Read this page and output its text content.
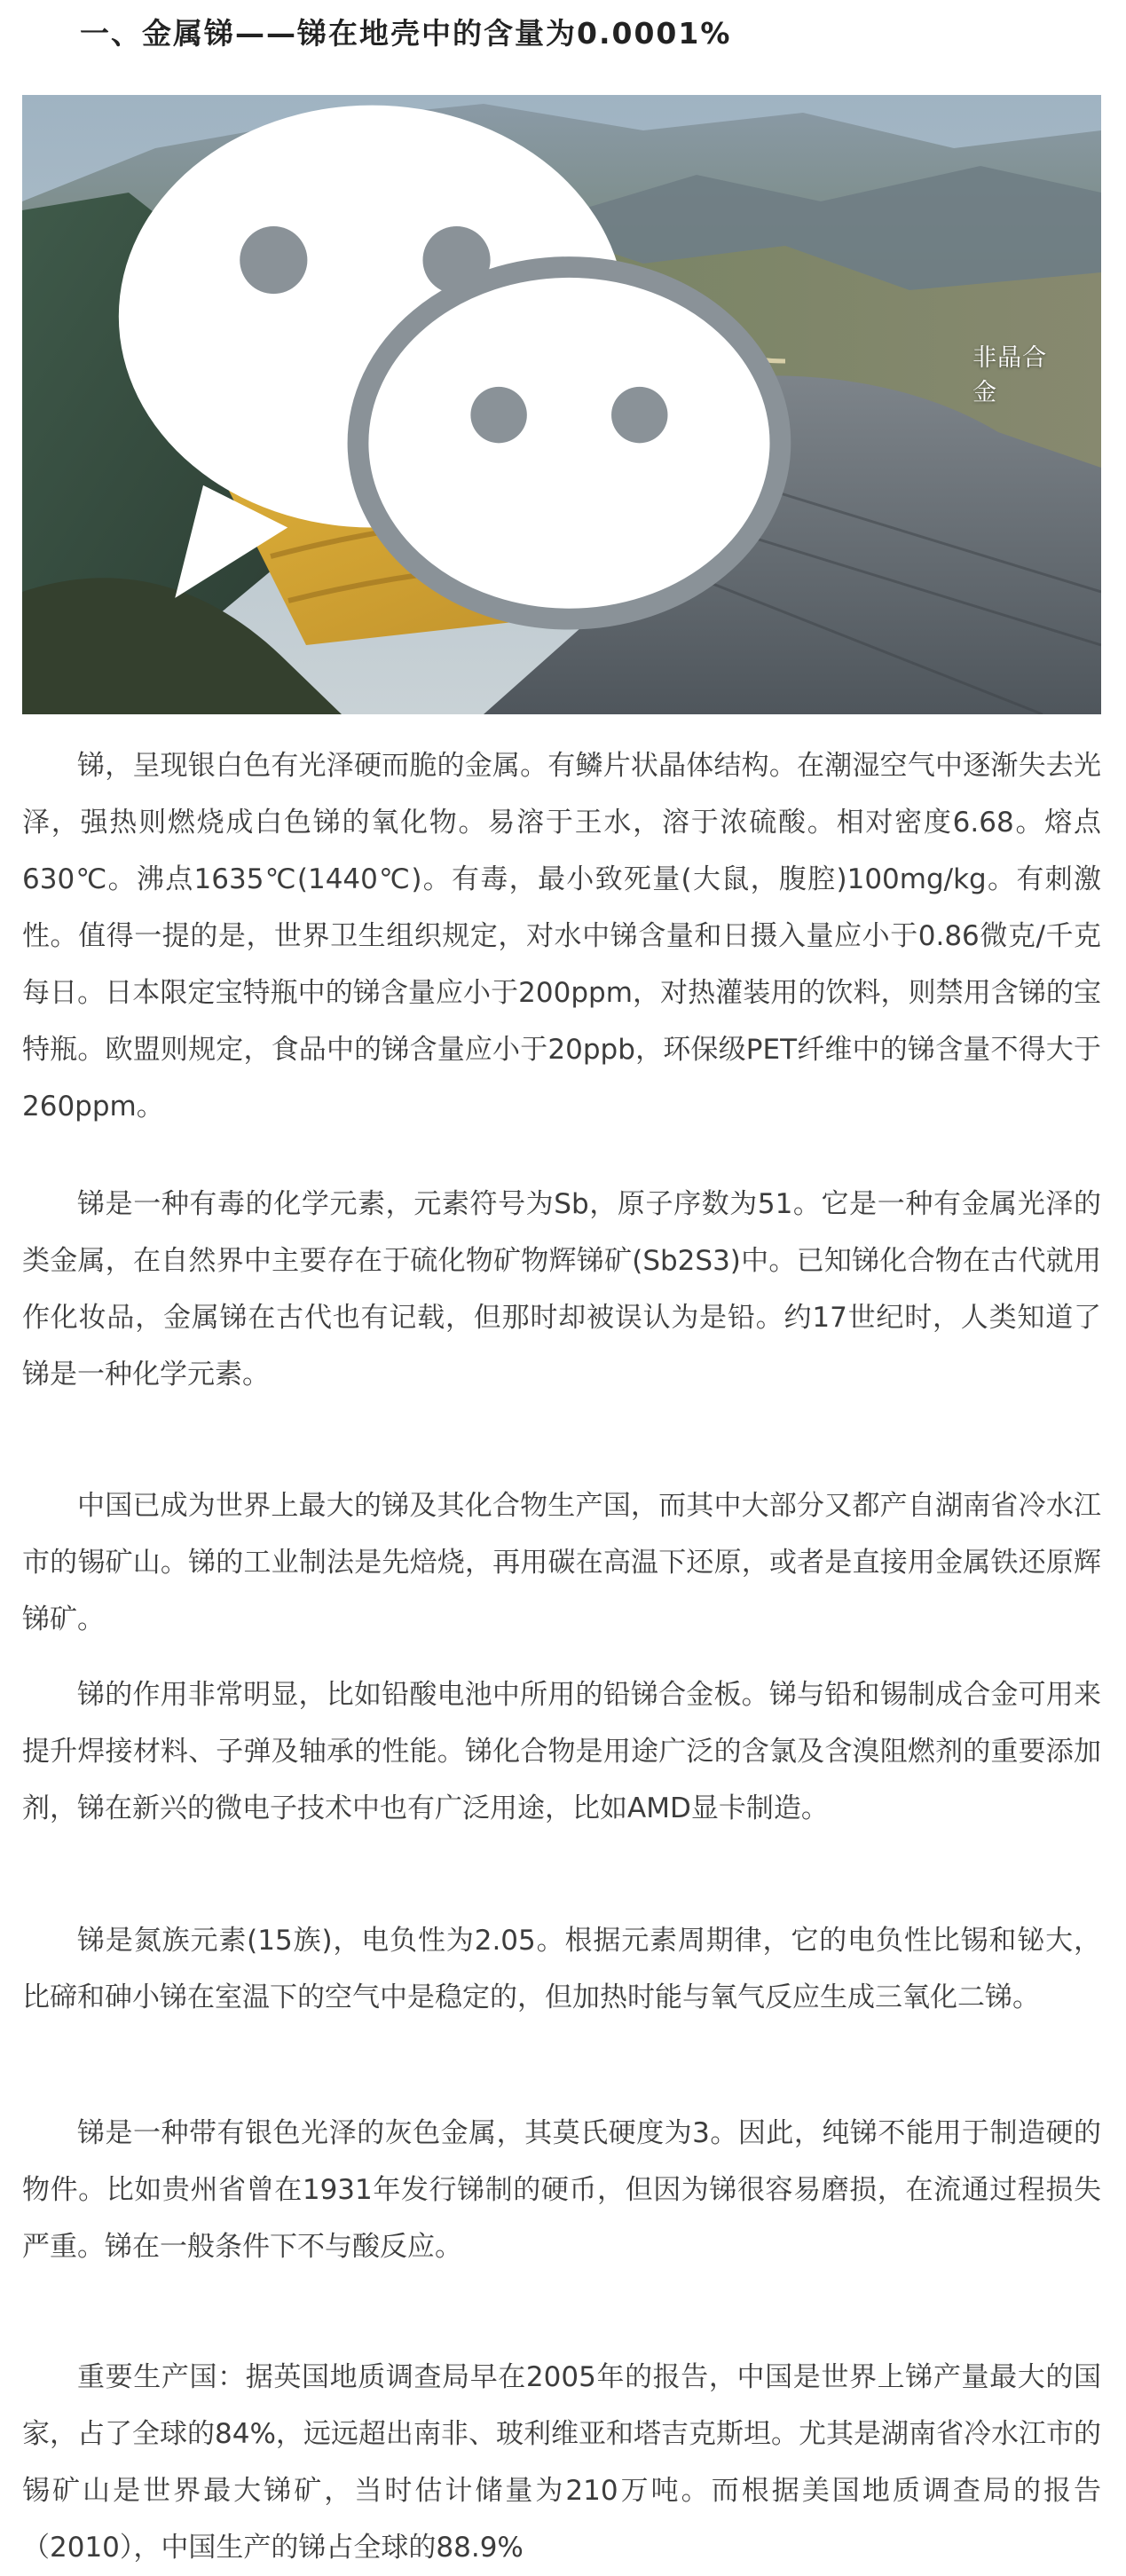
一、金属锑——锑在地壳中的含量为0.0001%
非晶合金

锑，呈现银白色有光泽硬而脆的金属。有鳞片状晶体结构。在潮湿空气中逐渐失去光泽，强热则燃烧成白色锑的氧化物。易溶于王水，溶于浓硫酸。相对密度6.68。熔点630℃。沸点1635℃(1440℃)。有毒，最小致死量(大鼠，腹腔)100mg/kg。有刺激性。值得一提的是，世界卫生组织规定，对水中锑含量和日摄入量应小于0.86微克/千克每日。日本限定宝特瓶中的锑含量应小于200ppm，对热灌装用的饮料，则禁用含锑的宝特瓶。欧盟则规定，食品中的锑含量应小于20ppb，环保级PET纤维中的锑含量不得大于260ppm。

锑是一种有毒的化学元素，元素符号为Sb，原子序数为51。它是一种有金属光泽的类金属，在自然界中主要存在于硫化物矿物辉锑矿(Sb2S3)中。已知锑化合物在古代就用作化妆品，金属锑在古代也有记载，但那时却被误认为是铅。约17世纪时，人类知道了锑是一种化学元素。

中国已成为世界上最大的锑及其化合物生产国，而其中大部分又都产自湖南省冷水江市的锡矿山。锑的工业制法是先焙烧，再用碳在高温下还原，或者是直接用金属铁还原辉锑矿。

锑的作用非常明显，比如铅酸电池中所用的铅锑合金板。锑与铅和锡制成合金可用来提升焊接材料、子弹及轴承的性能。锑化合物是用途广泛的含氯及含溴阻燃剂的重要添加剂，锑在新兴的微电子技术中也有广泛用途，比如AMD显卡制造。

锑是氮族元素(15族)，电负性为2.05。根据元素周期律，它的电负性比锡和铋大，比碲和砷小锑在室温下的空气中是稳定的，但加热时能与氧气反应生成三氧化二锑。

锑是一种带有银色光泽的灰色金属，其莫氏硬度为3。因此，纯锑不能用于制造硬的物件。比如贵州省曾在1931年发行锑制的硬币，但因为锑很容易磨损，在流通过程损失严重。锑在一般条件下不与酸反应。

重要生产国：据英国地质调查局早在2005年的报告，中国是世界上锑产量最大的国家，占了全球的84%，远远超出南非、玻利维亚和塔吉克斯坦。尤其是湖南省冷水江市的锡矿山是世界最大锑矿，当时估计储量为210万吨。而根据美国地质调查局的报告（2010），中国生产的锑占全球的88.9%
